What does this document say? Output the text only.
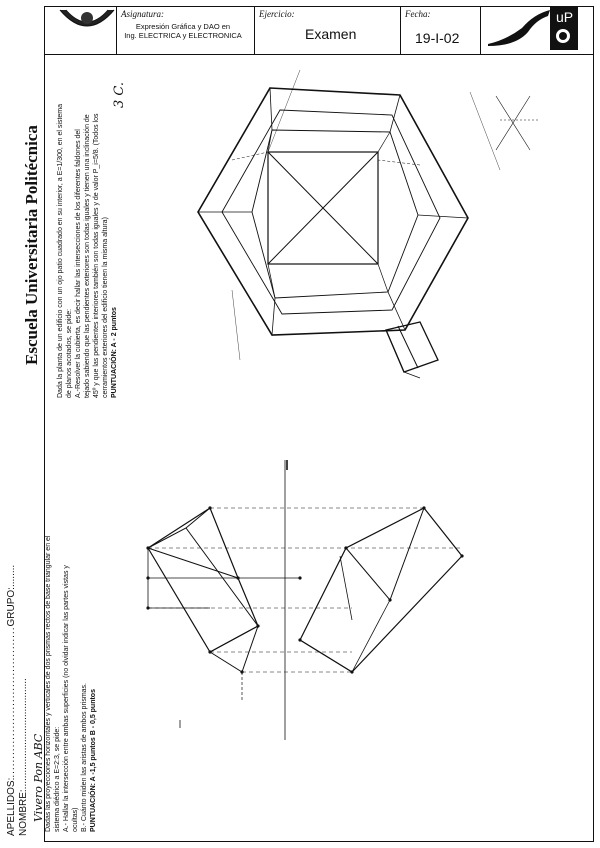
Asignatura:
Expresión Gráfica y DAO en
Ing. ELECTRICA y ELECTRONICA
Ejercicio:
Examen
Fecha:
19-I-02
uP
Escuela Universitaria Politécnica
APELLIDOS:........................................GRUPO:........
NOMBRE:........................................ Dadas las proyecciones horizontales y verticales de dos prismas rectos de base triangular en el sistema diédrico a E=2:3, se pide: A.- Hallar la intersección entre ambas superficies (no olvidar indicar las partes vistas y ocultas) B.- Cuánto miden las aristas de ambos prismas. PUNTUACIÓN: A -1,5 puntos B - 0,5 puntos
Dada la planta de un edificio con un ojo patio cuadrado en su interior, a E=1/300, en el sistema de planos acotados, se pide: A.-Resolver la cubierta, es decir hallar las intersecciones de los diferentes faldones del tejado sabiendo que las pendientes exteriores son todas iguales y tienen una inclinación de 45º y que las pendientes interiores también son todas iguales y de valor P_i=5/8. (Todos los cerramientos exteriores del edificio tienen la misma altura) PUNTUACIÓN: A - 2 puntos
Vivero Pon ABC
3 C.
